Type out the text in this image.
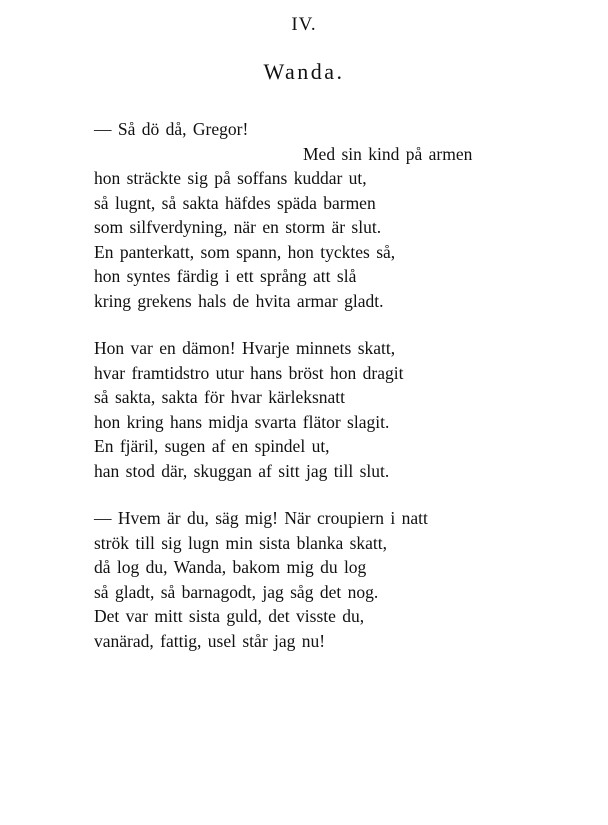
IV.
Wanda.
— Så dö då, Gregor!
Med sin kind på armen
hon sträckte sig på soffans kuddar ut,
så lugnt, så sakta häfdes späda barmen
som silfverdyning, när en storm är slut.
En panterkatt, som spann, hon tycktes så,
hon syntes färdig i ett språng att slå
kring grekens hals de hvita armar gladt.
Hon var en dämon! Hvarje minnets skatt,
hvar framtidstro utur hans bröst hon dragit
så sakta, sakta för hvar kärleksnatt
hon kring hans midja svarta flätor slagit.
En fjäril, sugen af en spindel ut,
han stod där, skuggan af sitt jag till slut.
— Hvem är du, säg mig! När croupiern i natt
strök till sig lugn min sista blanka skatt,
då log du, Wanda, bakom mig du log
så gladt, så barnagodt, jag såg det nog.
Det var mitt sista guld, det visste du,
vanärad, fattig, usel står jag nu!
